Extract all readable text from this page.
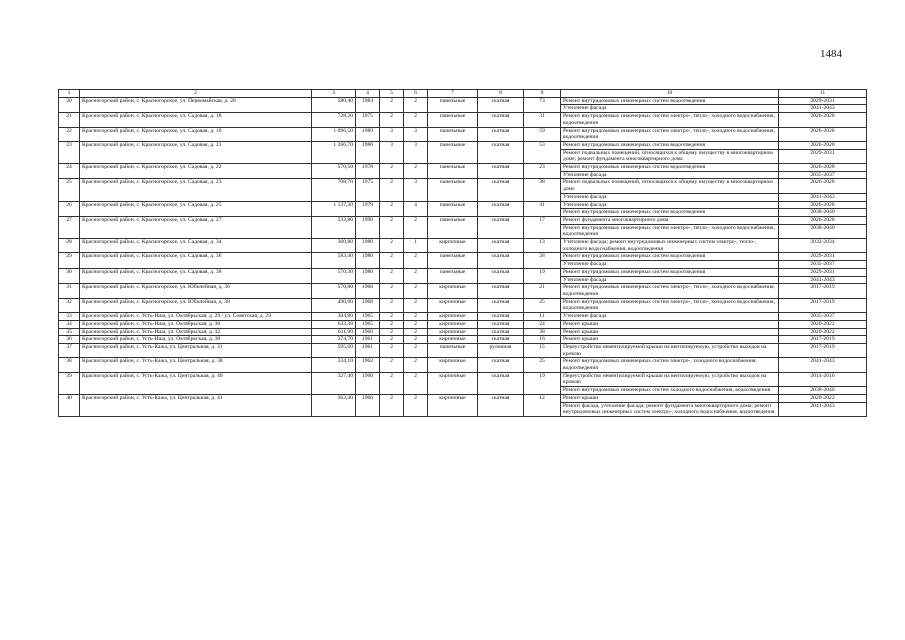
1484
1	2	3	4	5	6	7	8	9	10	11
20	Красногорский район, с. Красногорское, ул. Первомайская, д. 28	580,40	1984	2	2	панельные	скатная	73	Ремонт внутридомовых инженерных систем водоотведения	2029-2031
									Утепление фасада	2041-2043
21	Красногорский район, с. Красногорское, ул. Садовая, д. 18	728,20	1975	2	2	панельные	скатная	31	Ремонт внутридомовых инженерных систем электро-, тепло-, холодного водоснабжения, водоотведения	2026-2028
22	Красногорский район, с. Красногорское, ул. Садовая, д. 19	1 096,50	1989	3	3	панельные	скатная	59	Ремонт внутридомовых инженерных систем электро-, тепло-, холодного водоснабжения, водоотведения	2026-2028
23	Красногорский район, с. Красногорское, ул. Садовая, д. 21	1 266,70	1986	3	3	панельные	скатная	53	Ремонт внутридомовых инженерных систем водоотведения	2026-2028
									Ремонт подвальных помещений, относящихся к общему имуществу в многоквартирном доме; ремонт фундамента многоквартирного дома	2029-2031
24	Красногорский район, с. Красногорское, ул. Садовая, д. 22	570,50	1978	2	2	панельные	скатная	23	Ремонт внутридомовых инженерных систем водоотведения	2026-2028
									Утепление фасада	2035-2037
25	Красногорский район, с. Красногорское, ул. Садовая, д. 23	708,70	1975	2	3	панельные	скатная	38	Ремонт подвальных помещений, относящихся к общему имуществу в многоквартирном доме	2026-2028
									Утепление фасада	2041-2043
26	Красногорский район, с. Красногорское, ул. Садовая, д. 25	1 137,30	1979	2	4	панельные	скатная	41	Утепление фасада	2026-2028
									Ремонт внутридомовых инженерных систем водоотведения	2038-2040
27	Красногорский район, с. Красногорское, ул. Садовая, д. 27	533,80	1990	2	2	панельные	скатная	17	Ремонт фундамента многоквартирного дома	2026-2028
									Ремонт внутридомовых инженерных систем электро-, тепло-, холодного водоснабжения, водоотведения	2038-2040
28	Красногорский район, с. Красногорское, ул. Садовая, д. 34	360,80	1980	2	1	кирпичные	скатная	13	Утепление фасада; ремонт внутридомовых инженерных систем электро-, тепло-, холодного водоснабжения, водоотведения	2032-2034
29	Красногорский район, с. Красногорское, ул. Садовая, д. 36	583,40	1980	2	2	панельные	скатная	28	Ремонт внутридомовых инженерных систем водоотведения	2029-2031
									Утепление фасада	2035-2037
30	Красногорский район, с. Красногорское, ул. Садовая, д. 38	570,30	1980	2	2	панельные	скатная	19	Ремонт внутридомовых инженерных систем водоотведения	2029-2031
									Утепление фасада	2041-2043
31	Красногорский район, с. Красногорское, ул. Юбилейная, д. 36	570,80	1968	2	2	кирпичные	скатная	21	Ремонт внутридомовых инженерных систем электро-, тепло-, холодного водоснабжения, водоотведения	2017-2019
32	Красногорский район, с. Красногорское, ул. Юбилейная, д. 38	490,00	1968	2	2	кирпичные	скатная	25	Ремонт внутридомовых инженерных систем электро-, тепло-, холодного водоснабжения, водоотведения	2017-2019
33	Красногорский район, с. Усть-Иша, ул. Октябрьская, д. 29 / ул. Советская, д. 29	304,80	1965	2	2	кирпичные	скатная	11	Утепление фасада	2035-2037
34	Красногорский район, с. Усть-Иша, ул. Октябрьская, д. 30	633,38	1965	2	2	кирпичные	скатная	24	Ремонт крыши	2020-2022
35	Красногорский район, с. Усть-Иша, ул. Октябрьская, д. 32	611,90	1960	2	2	кирпичные	скатная	38	Ремонт крыши	2020-2022
36	Красногорский район, с. Усть-Иша, ул. Октябрьская, д. 38	374,70	1961	2	2	кирпичные	скатная	16	Ремонт крыши	2017-2019
37	Красногорский район, с. Усть-Кажа, ул. Центральная, д. 31	595,60	1961	2	2	панельные	рулонная	15	Переустройство невентилируемой крыши на вентилируемую, устройство выходов на кровлю	2017-2019
38	Красногорский район, с. Усть-Кажа, ул. Центральная, д. 38	334,10	1962	2	2	кирпичные	скатная	25	Ремонт внутридомовых инженерных систем электро-, холодного водоснабжения, водоотведения	2041-2043
39	Красногорский район, с. Усть-Кажа, ул. Центральная, д. 40	327,40	1966	2	2	кирпичные	скатная	19	Переустройство невентилируемой крыши на вентилируемую, устройство выходов на кровлю	2014-2016
									Ремонт внутридомовых инженерных систем холодного водоснабжения, водоотведения	2038-2040
40	Красногорский район, с. Усть-Кажа, ул. Центральная, д. 41	363,40	1966	2	2	кирпичные	скатная	12	Ремонт крыши	2020-2022
									Ремонт фасада, утепление фасада; ремонт фундамента многоквартирного дома; ремонт внутридомовых инженерных систем электро-, холодного водоснабжения, водоотведения	2041-2043
